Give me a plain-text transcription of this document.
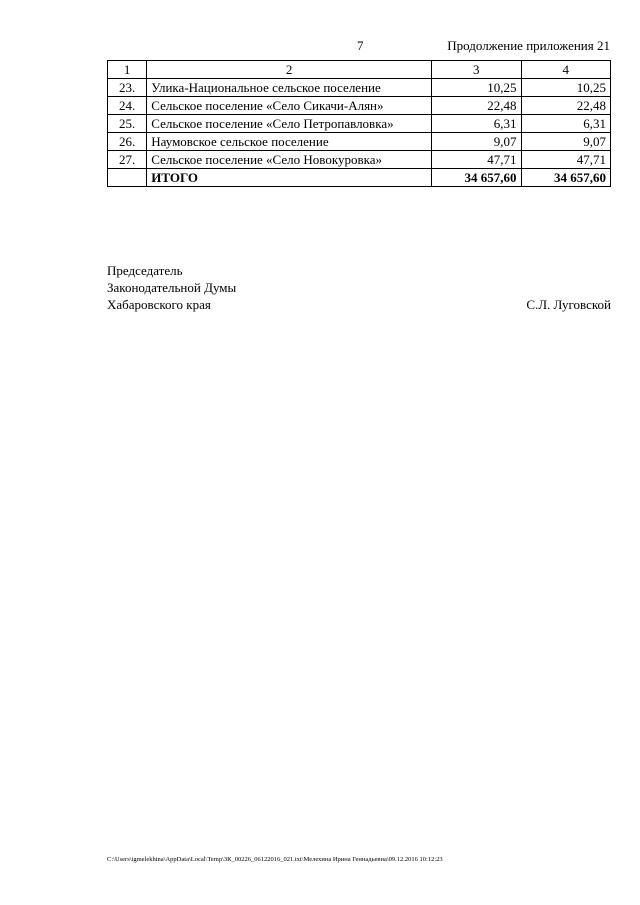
7	Продолжение приложения 21
1	2	3	4
23.	Улика-Национальное сельское поселение	10,25	10,25
24.	Сельское поселение «Село Сикачи-Алян»	22,48	22,48
25.	Сельское поселение «Село Петропавловка»	6,31	6,31
26.	Наумовское сельское поселение	9,07	9,07
27.	Сельское поселение «Село Новокуровка»	47,71	47,71
	ИТОГО	34 657,60	34 657,60
Председатель
Законодательной Думы
Хабаровского края	С.Л. Луговской
C:\Users\igmelekhina\AppData\Local\Temp\ЗК_00226_06122016_021.txt\Мелехина Ирина Геннадьевна\09.12.2016 10:12:23
